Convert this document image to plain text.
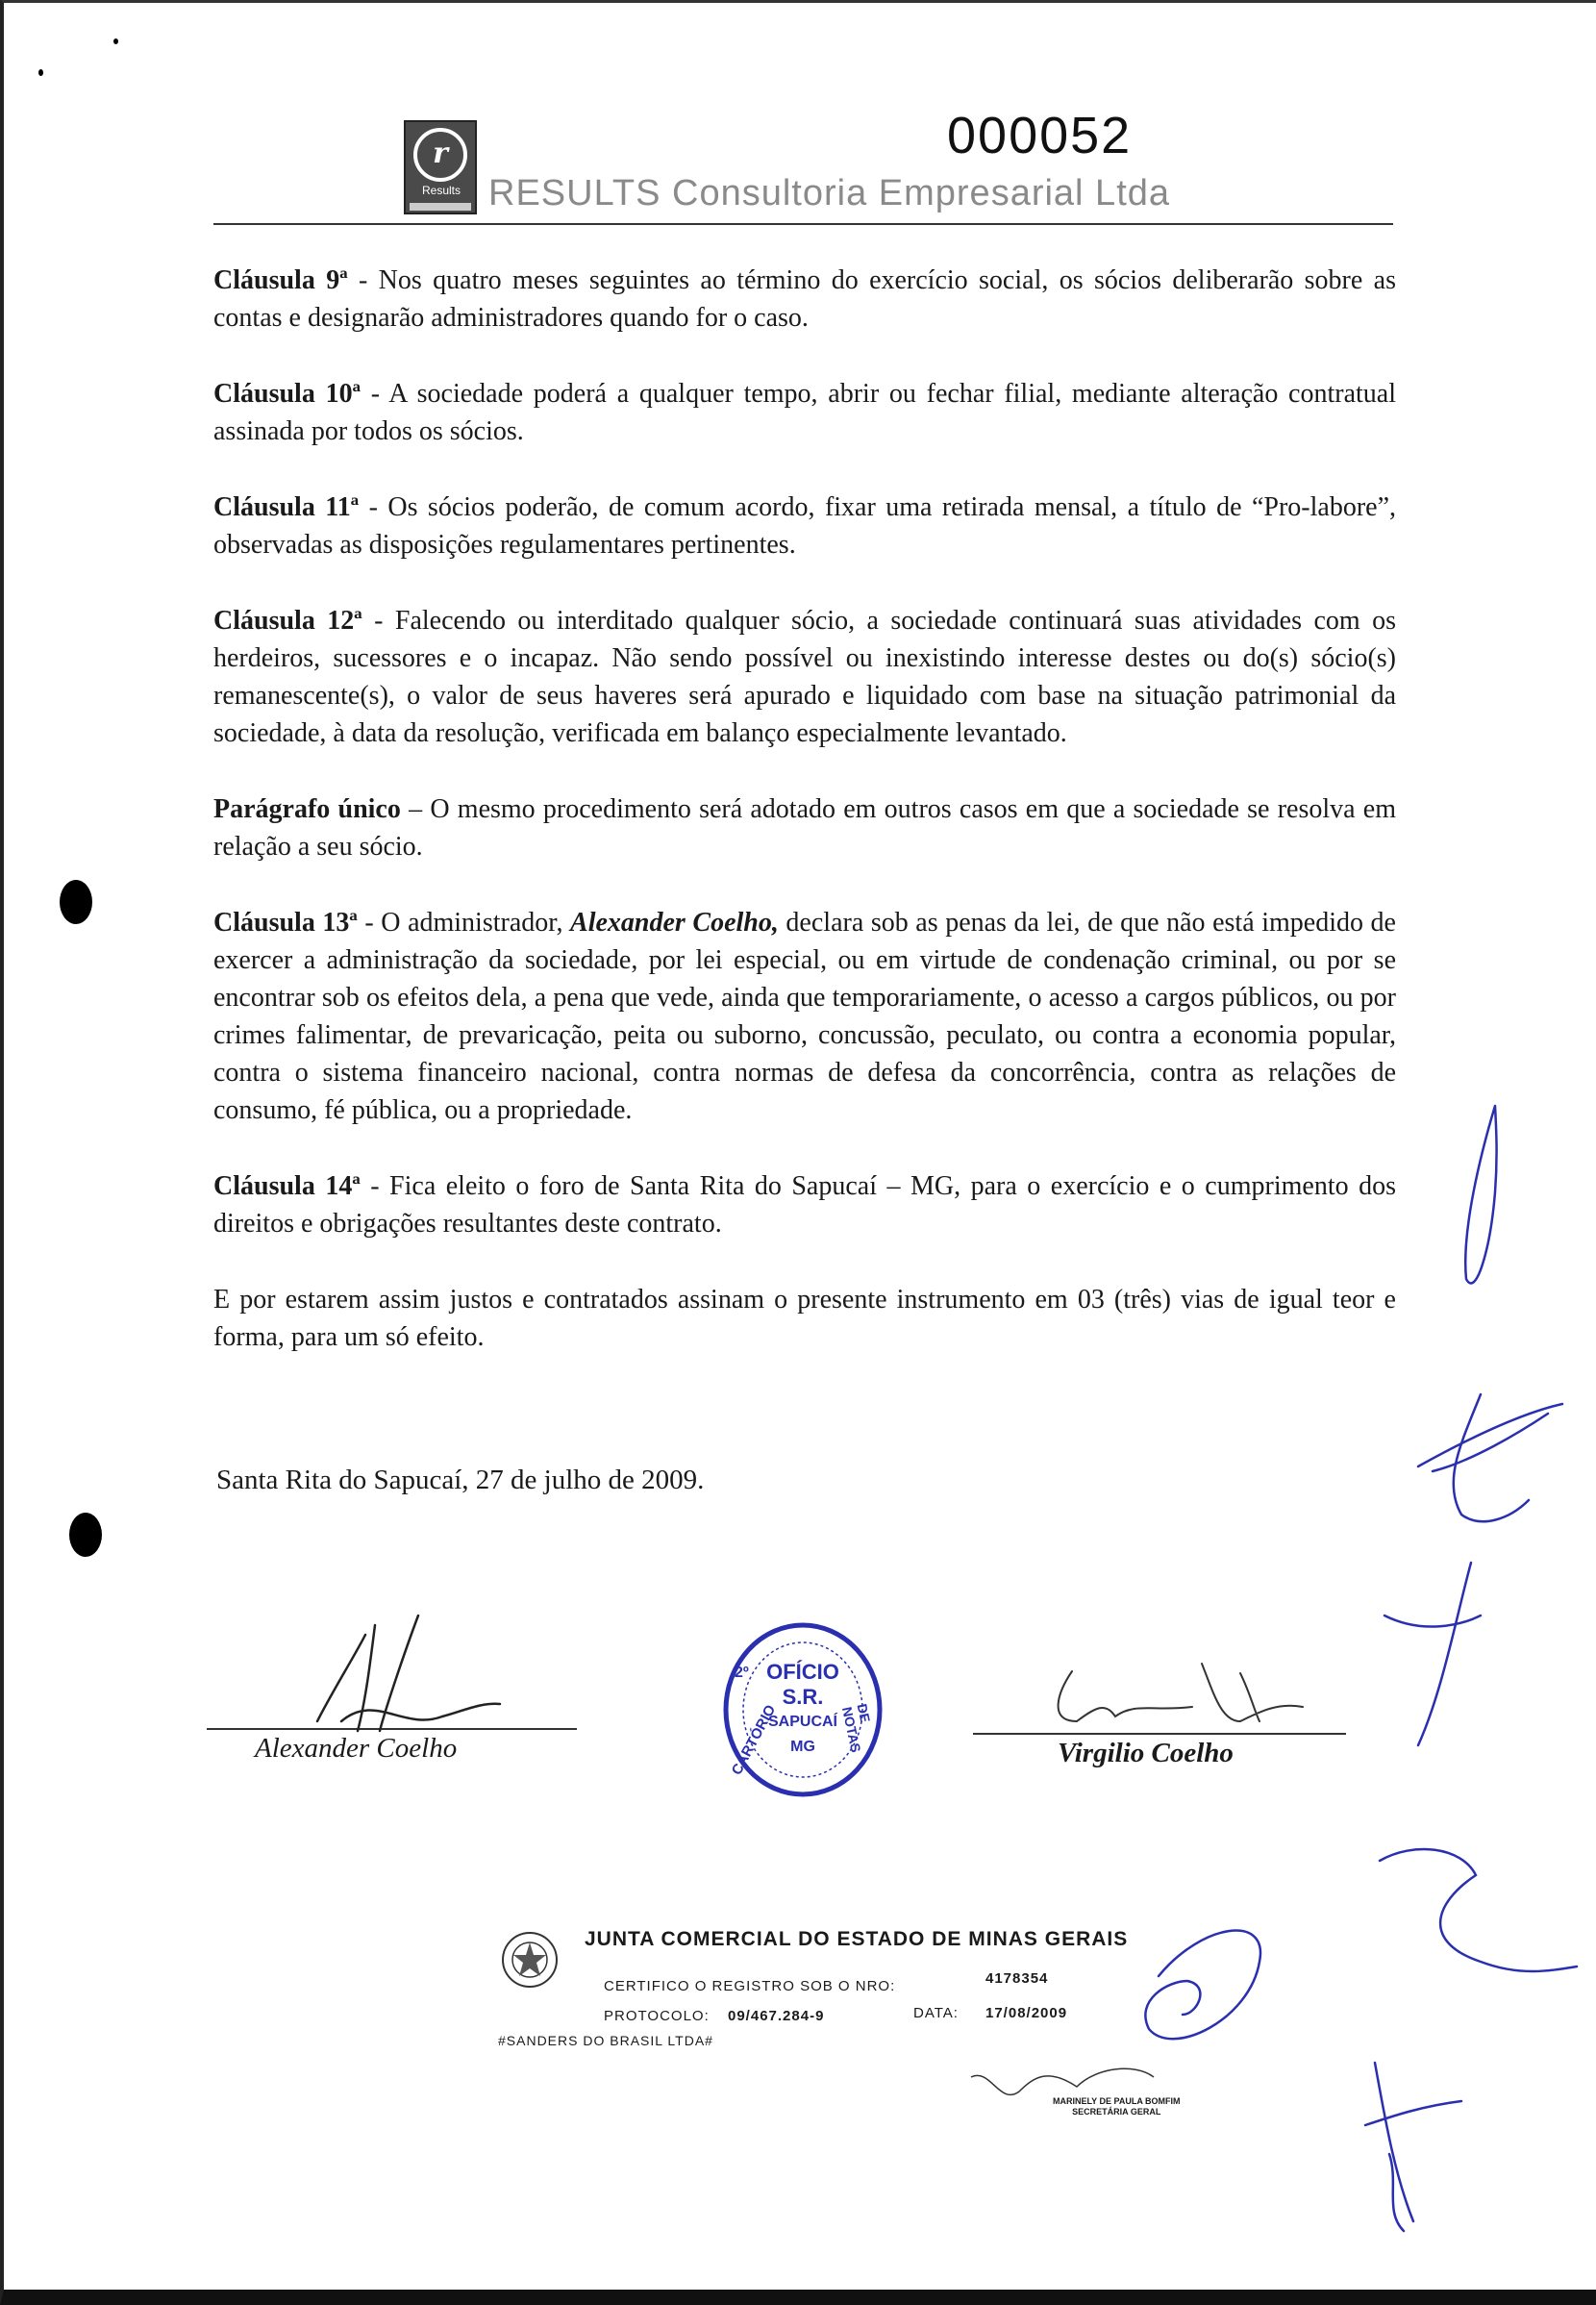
r
Results
000052
RESULTS Consultoria Empresarial Ltda

Cláusula 9ª - Nos quatro meses seguintes ao término do exercício social, os sócios deliberarão sobre as contas e designarão administradores quando for o caso.

Cláusula 10ª - A sociedade poderá a qualquer tempo, abrir ou fechar filial, mediante alteração contratual assinada por todos os sócios.

Cláusula 11ª - Os sócios poderão, de comum acordo, fixar uma retirada mensal, a título de “Pro-labore”, observadas as disposições regulamentares pertinentes.

Cláusula 12ª - Falecendo ou interditado qualquer sócio, a sociedade continuará suas atividades com os herdeiros, sucessores e o incapaz. Não sendo possível ou inexistindo interesse destes ou do(s) sócio(s) remanescente(s), o valor de seus haveres será apurado e liquidado com base na situação patrimonial da sociedade, à data da resolução, verificada em balanço especialmente levantado.

Parágrafo único – O mesmo procedimento será adotado em outros casos em que a sociedade se resolva em relação a seu sócio.

Cláusula 13ª - O administrador, Alexander Coelho, declara sob as penas da lei, de que não está impedido de exercer a administração da sociedade, por lei especial, ou em virtude de condenação criminal, ou por se encontrar sob os efeitos dela, a pena que vede, ainda que temporariamente, o acesso a cargos públicos, ou por crimes falimentar, de prevaricação, peita ou suborno, concussão, peculato, ou contra a economia popular, contra o sistema financeiro nacional, contra normas de defesa da concorrência, contra as relações de consumo, fé pública, ou a propriedade.

Cláusula 14ª - Fica eleito o foro de Santa Rita do Sapucaí – MG, para o exercício e o cumprimento dos direitos e obrigações resultantes deste contrato.

E por estarem assim justos e contratados assinam o presente instrumento em 03 (três) vias de igual teor e forma, para um só efeito.

Santa Rita do Sapucaí, 27 de julho de 2009.
Alexander Coelho	Virgilio Coelho
OFÍCIO
S.R.
SAPUCAÍ
MG
2º
CARTÓRIO	DE NOTAS
JUNTA COMERCIAL DO ESTADO DE MINAS GERAIS
CERTIFICO O REGISTRO SOB O NRO:	4178354
PROTOCOLO: 09/467.284-9	DATA: 17/08/2009
#SANDERS DO BRASIL LTDA#
MARINELY DE PAULA BOMFIM
SECRETÁRIA GERAL
